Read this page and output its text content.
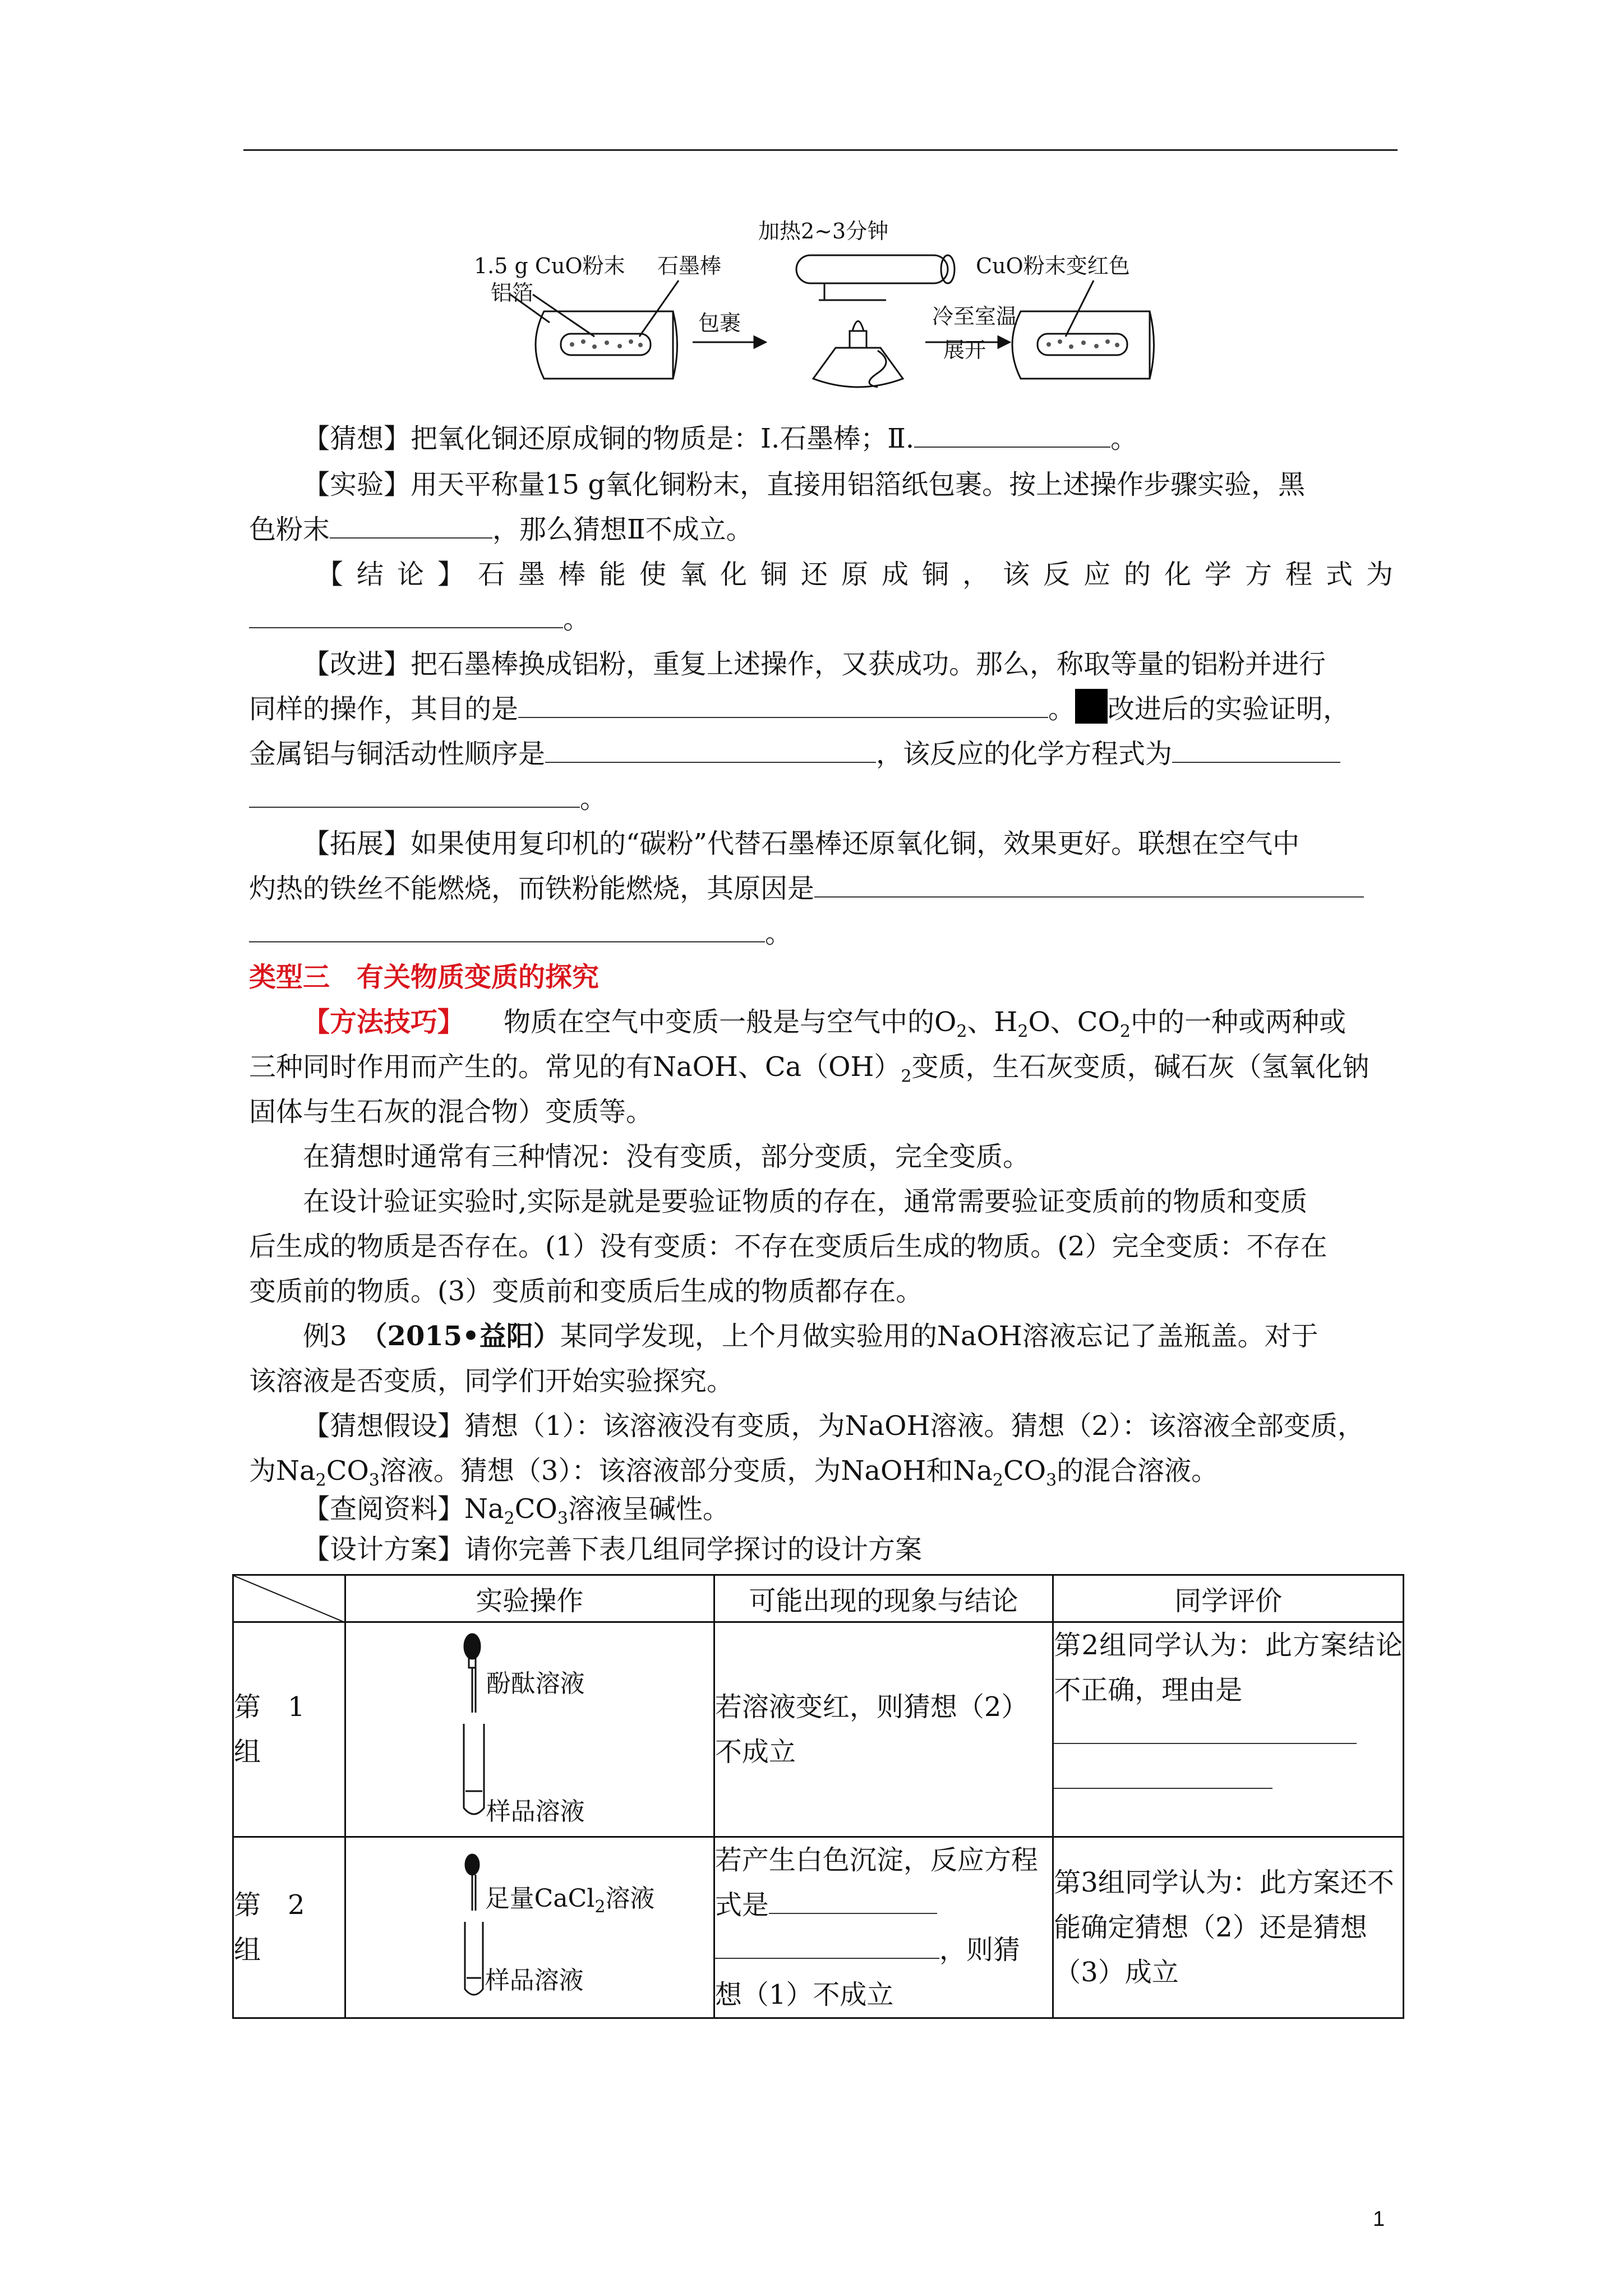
1.5 g CuO粉末
铝箔
石墨棒
包裹
加热2~3分钟
冷至室温
展开
CuO粉末变红色

【猜想】把氧化铜还原成铜的物质是：Ⅰ.石墨棒；Ⅱ.	。

【实验】用天平称量15 g氧化铜粉末，直接用铝箔纸包裹。按上述操作步骤实验，黑

色粉末	，那么猜想Ⅱ不成立。

【结论】石墨棒能使氧化铜还原成铜，该反应的化学方程式为

。

【改进】把石墨棒换成铝粉，重复上述操作，又获成功。那么，称取等量的铝粉并进行

同样的操作，其目的是	。 改进后的实验证明，

金属铝与铜活动性顺序是	，该反应的化学方程式为

。

【拓展】如果使用复印机的“碳粉”代替石墨棒还原氧化铜，效果更好。联想在空气中

灼热的铁丝不能燃烧，而铁粉能燃烧，其原因是

。

类型三　有关物质变质的探究

【方法技巧】 物质在空气中变质一般是与空气中的$O_2$、$H_2O$、$CO_2$中的一种或两种或

三种同时作用而产生的。常见的有NaOH、$Ca(OH)_2$变质，生石灰变质，碱石灰（氢氧化钠

固体与生石灰的混合物）变质等。

在猜想时通常有三种情况：没有变质，部分变质，完全变质。

在设计验证实验时,实际是就是要验证物质的存在，通常需要验证变质前的物质和变质

后生成的物质是否存在。(1）没有变质：不存在变质后生成的物质。(2）完全变质：不存在

变质前的物质。(3）变质前和变质后生成的物质都存在。

例3　（2015•益阳）某同学发现，上个月做实验用的NaOH溶液忘记了盖瓶盖。对于

该溶液是否变质，同学们开始实验探究。

【猜想假设】猜想（1）：该溶液没有变质，为NaOH溶液。猜想（2）：该溶液全部变质，

为$Na_2CO_3$溶液。猜想（3）：该溶液部分变质，为NaOH和$Na_2CO_3$的混合溶液。

【查阅资料】$Na_2CO_3$溶液呈碱性。

	实验操作	可能出现的现象与结论	同学评价
第　1　组	酚酞溶液
样品溶液	若溶液变红，则猜想（2）不成立	第2组同学认为：此方案结论不正确，理由是

第　2　组	足量CaCl$_2$溶液
样品溶液	若产生白色沉淀，反应方程式是
，则猜
想（1）不成立	第3组同学认为：此方案还不能确定猜想（2）还是猜想（3）成立

【设计方案】请你完善下表几组同学探讨的设计方案

1
